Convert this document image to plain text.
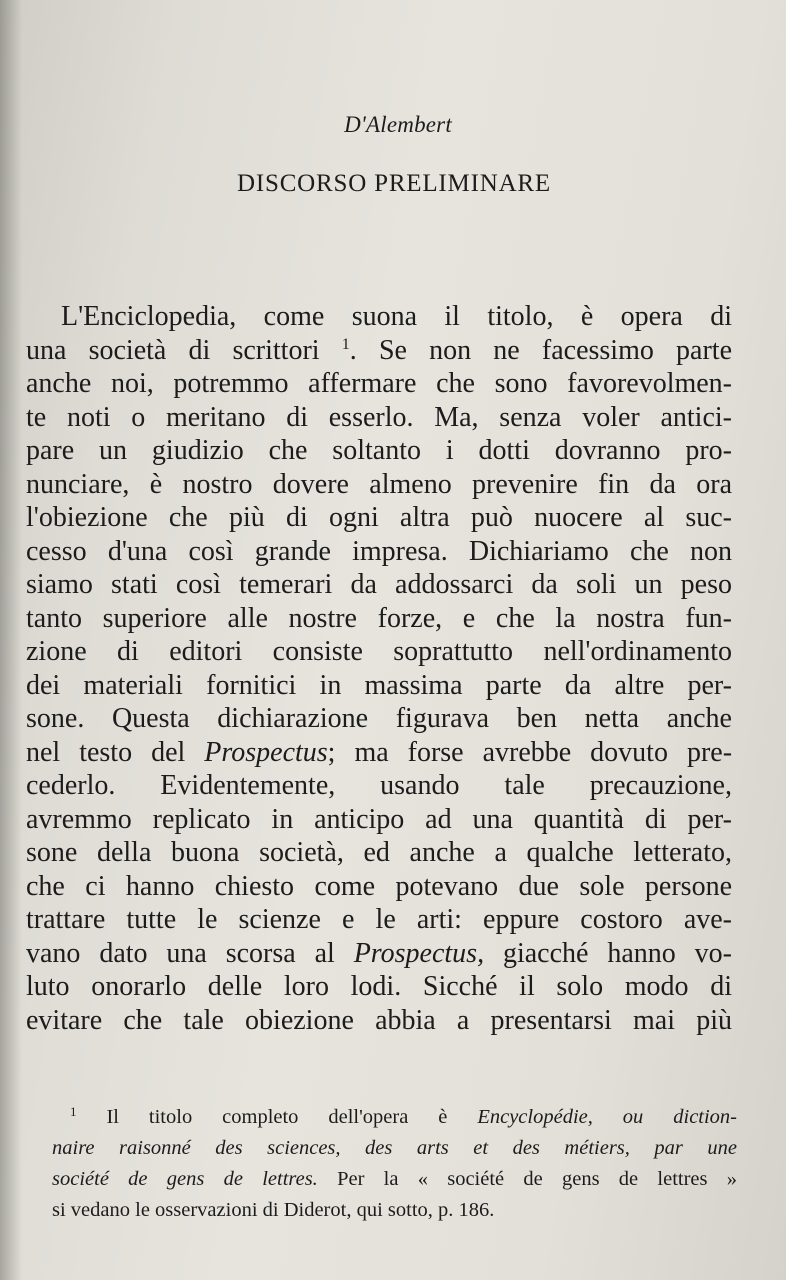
D'Alembert
DISCORSO PRELIMINARE
L'Enciclopedia, come suona il titolo, è opera di
una società di scrittori $^1$. Se non ne facessimo parte
anche noi, potremmo affermare che sono favorevolmen-
te noti o meritano di esserlo. Ma, senza voler antici-
pare un giudizio che soltanto i dotti dovranno pro-
nunciare, è nostro dovere almeno prevenire fin da ora
l'obiezione che più di ogni altra può nuocere al suc-
cesso d'una così grande impresa. Dichiariamo che non
siamo stati così temerari da addossarci da soli un peso
tanto superiore alle nostre forze, e che la nostra fun-
zione di editori consiste soprattutto nell'ordinamento
dei materiali fornitici in massima parte da altre per-
sone. Questa dichiarazione figurava ben netta anche
nel testo del Prospectus; ma forse avrebbe dovuto pre-
cederlo. Evidentemente, usando tale precauzione,
avremmo replicato in anticipo ad una quantità di per-
sone della buona società, ed anche a qualche letterato,
che ci hanno chiesto come potevano due sole persone
trattare tutte le scienze e le arti: eppure costoro ave-
vano dato una scorsa al Prospectus, giacché hanno vo-
luto onorarlo delle loro lodi. Sicché il solo modo di
evitare che tale obiezione abbia a presentarsi mai più
$^1$ Il titolo completo dell'opera è Encyclopédie, ou diction-
naire raisonné des sciences, des arts et des métiers, par une
société de gens de lettres. Per la « société de gens de lettres »
si vedano le osservazioni di Diderot, qui sotto, p. 186.
